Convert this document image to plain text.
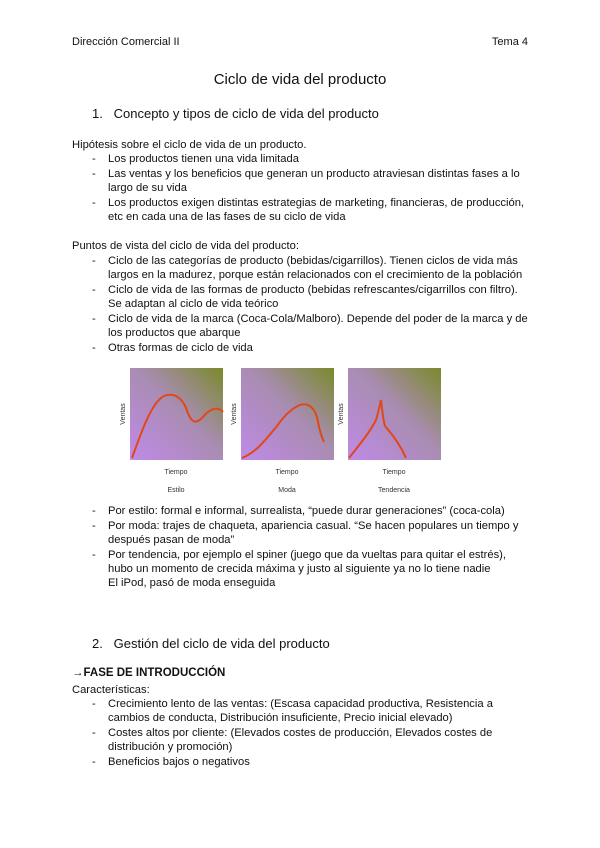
Dirección Comercial II	Tema 4
Ciclo de vida del producto
1. Concepto y tipos de ciclo de vida del producto
Hipótesis sobre el ciclo de vida de un producto.
- Los productos tienen una vida limitada
- Las ventas y los beneficios que generan un producto atraviesan distintas fases a lo largo de su vida
- Los productos exigen distintas estrategias de marketing, financieras, de producción, etc en cada una de las fases de su ciclo de vida
Puntos de vista del ciclo de vida del producto:
- Ciclo de las categorías de producto (bebidas/cigarrillos). Tienen ciclos de vida más largos en la madurez, porque están relacionados con el crecimiento de la población
- Ciclo de vida de las formas de producto (bebidas refrescantes/cigarrillos con filtro). Se adaptan al ciclo de vida teórico
- Ciclo de vida de la marca (Coca-Cola/Malboro). Depende del poder de la marca y de los productos que abarque
- Otras formas de ciclo de vida
Ventas
Tiempo
Estilo
Ventas
Tiempo
Moda
Ventas
Tiempo
Tendencia
- Por estilo: formal e informal, surrealista, “puede durar generaciones” (coca-cola)
- Por moda: trajes de chaqueta, apariencia casual. “Se hacen populares un tiempo y después pasan de moda”
- Por tendencia, por ejemplo el spiner (juego que da vueltas para quitar el estrés), hubo un momento de crecida máxima y justo al siguiente ya no lo tiene nadie
El iPod, pasó de moda enseguida
2. Gestión del ciclo de vida del producto
→FASE DE INTRODUCCIÓN
Características:
- Crecimiento lento de las ventas: (Escasa capacidad productiva, Resistencia a cambios de conducta, Distribución insuficiente, Precio inicial elevado)
- Costes altos por cliente: (Elevados costes de producción, Elevados costes de distribución y promoción)
- Beneficios bajos o negativos
